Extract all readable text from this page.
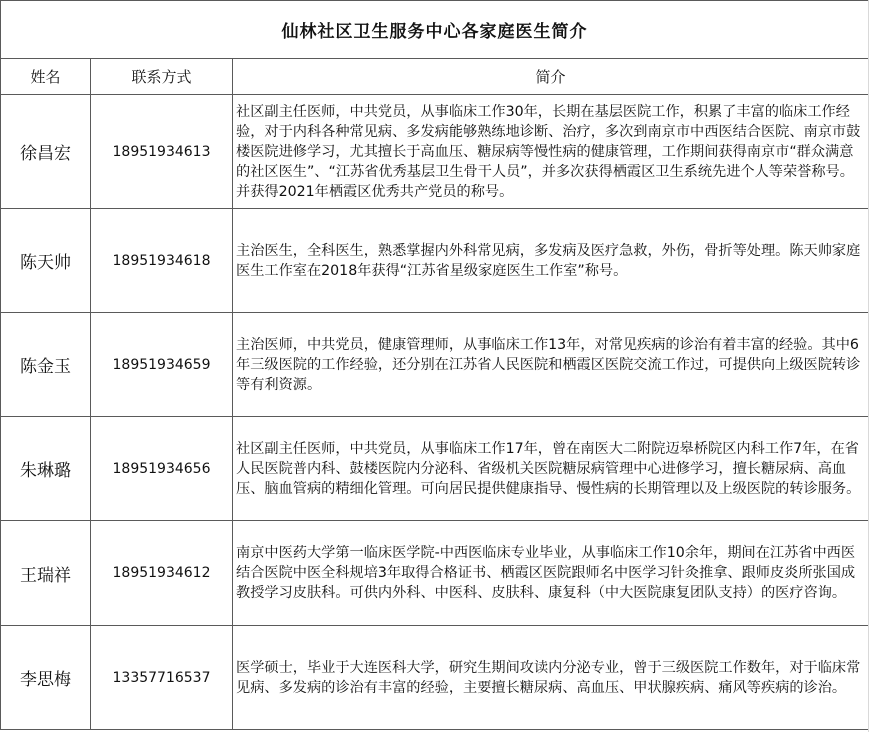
仙林社区卫生服务中心各家庭医生简介		
姓名	联系方式	简介
徐昌宏	18951934613	社区副主任医师，中共党员，从事临床工作30年，长期在基层医院工作，积累了丰富的临床工作经验，对于内科各种常见病、多发病能够熟练地诊断、治疗，多次到南京市中西医结合医院、南京市鼓楼医院进修学习，尤其擅长于高血压、糖尿病等慢性病的健康管理，工作期间获得南京市“群众满意的社区医生”、“江苏省优秀基层卫生骨干人员”，并多次获得栖霞区卫生系统先进个人等荣誉称号。并获得2021年栖霞区优秀共产党员的称号。

陈天帅	18951934618	主治医生，全科医生，熟悉掌握内外科常见病，多发病及医疗急救，外伤，骨折等处理。陈天帅家庭医生工作室在2018年获得“江苏省星级家庭医生工作室”称号。

陈金玉	18951934659	主治医师，中共党员，健康管理师，从事临床工作13年，对常见疾病的诊治有着丰富的经验。其中6年三级医院的工作经验，还分别在江苏省人民医院和栖霞区医院交流工作过，可提供向上级医院转诊等有利资源。

朱琳璐	18951934656	社区副主任医师，中共党员，从事临床工作17年，曾在南医大二附院迈皋桥院区内科工作7年，在省人民医院普内科、鼓楼医院内分泌科、省级机关医院糖尿病管理中心进修学习，擅长糖尿病、高血压、脑血管病的精细化管理。可向居民提供健康指导、慢性病的长期管理以及上级医院的转诊服务。

王瑞祥	18951934612	南京中医药大学第一临床医学院-中西医临床专业毕业，从事临床工作10余年，期间在江苏省中西医结合医院中医全科规培3年取得合格证书、栖霞区医院跟师名中医学习针灸推拿、跟师皮炎所张国成教授学习皮肤科。可供内外科、中医科、皮肤科、康复科（中大医院康复团队支持）的医疗咨询。

李思梅	13357716537	医学硕士，毕业于大连医科大学，研究生期间攻读内分泌专业，曾于三级医院工作数年，对于临床常见病、多发病的诊治有丰富的经验，主要擅长糖尿病、高血压、甲状腺疾病、痛风等疾病的诊治。
